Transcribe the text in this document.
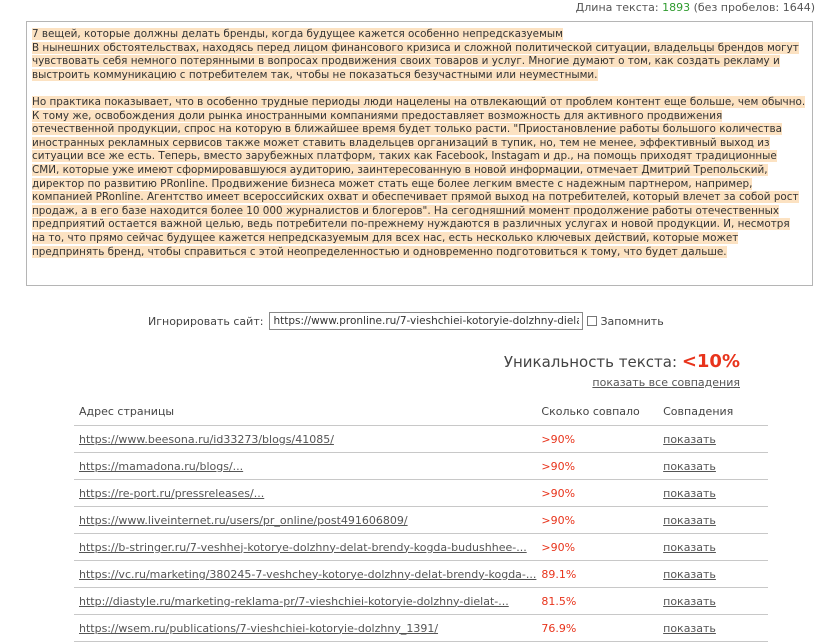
Длина текста: 1893 (без пробелов: 1644)

7 вещей, которые должны делать бренды, когда будущее кажется особенно непредсказуемым
В нынешних обстоятельствах, находясь перед лицом финансового кризиса и сложной политической ситуации, владельцы брендов могут чувствовать себя немного потерянными в вопросах продвижения своих товаров и услуг. Многие думают о том, как создать рекламу и выстроить коммуникацию с потребителем так, чтобы не показаться безучастными или неуместными.

Но практика показывает, что в особенно трудные периоды люди нацелены на отвлекающий от проблем контент еще больше, чем обычно. К тому же, освобождения доли рынка иностранными компаниями предоставляет возможность для активного продвижения отечественной продукции, спрос на которую в ближайшее время будет только расти. "Приостановление работы большого количества иностранных рекламных сервисов также может ставить владельцев организаций в тупик, но, тем не менее, эффективный выход из ситуации все же есть. Теперь, вместо зарубежных платформ, таких как Facebook, Instagam и др., на помощь приходят традиционные СМИ, которые уже имеют сформировавшуюся аудиторию, заинтересованную в новой информации, отмечает Дмитрий Трепольский, директор по развитию PRonline. Продвижение бизнеса может стать еще более легким вместе с надежным партнером, например, компанией PRonline. Агентство имеет всероссийских охват и обеспечивает прямой выход на потребителей, который влечет за собой рост продаж, а в его базе находится более 10 000 журналистов и блогеров". На сегодняшний момент продолжение работы отечественных предприятий остается важной целью, ведь потребители по-прежнему нуждаются в различных услугах и новой продукции. И, несмотря на то, что прямо сейчас будущее кажется непредсказуемым для всех нас, есть несколько ключевых действий, которые может предпринять бренд, чтобы справиться с этой неопределенностью и одновременно подготовиться к тому, что будет дальше.

Игнорировать сайт:
https://www.pronline.ru/7-vieshchiei-kotoryie-dolzhny-dielat	Запомнить
Уникальность текста: <10%
показать все совпадения
Адрес страницы	Сколько совпало	Совпадения
https://www.beesona.ru/id33273/blogs/41085/	>90%	показать
https://mamadona.ru/blogs/...	>90%	показать
https://re-port.ru/pressreleases/...	>90%	показать
https://www.liveinternet.ru/users/pr_online/post491606809/	>90%	показать
https://b-stringer.ru/7-veshhej-kotorye-dolzhny-delat-brendy-kogda-budushhee-...	>90%	показать
https://vc.ru/marketing/380245-7-veshchey-kotorye-dolzhny-delat-brendy-kogda-...	89.1%	показать
http://diastyle.ru/marketing-reklama-pr/7-vieshchiei-kotoryie-dolzhny-dielat-...	81.5%	показать
https://wsem.ru/publications/7-vieshchiei-kotoryie-dolzhny_1391/	76.9%	показать
